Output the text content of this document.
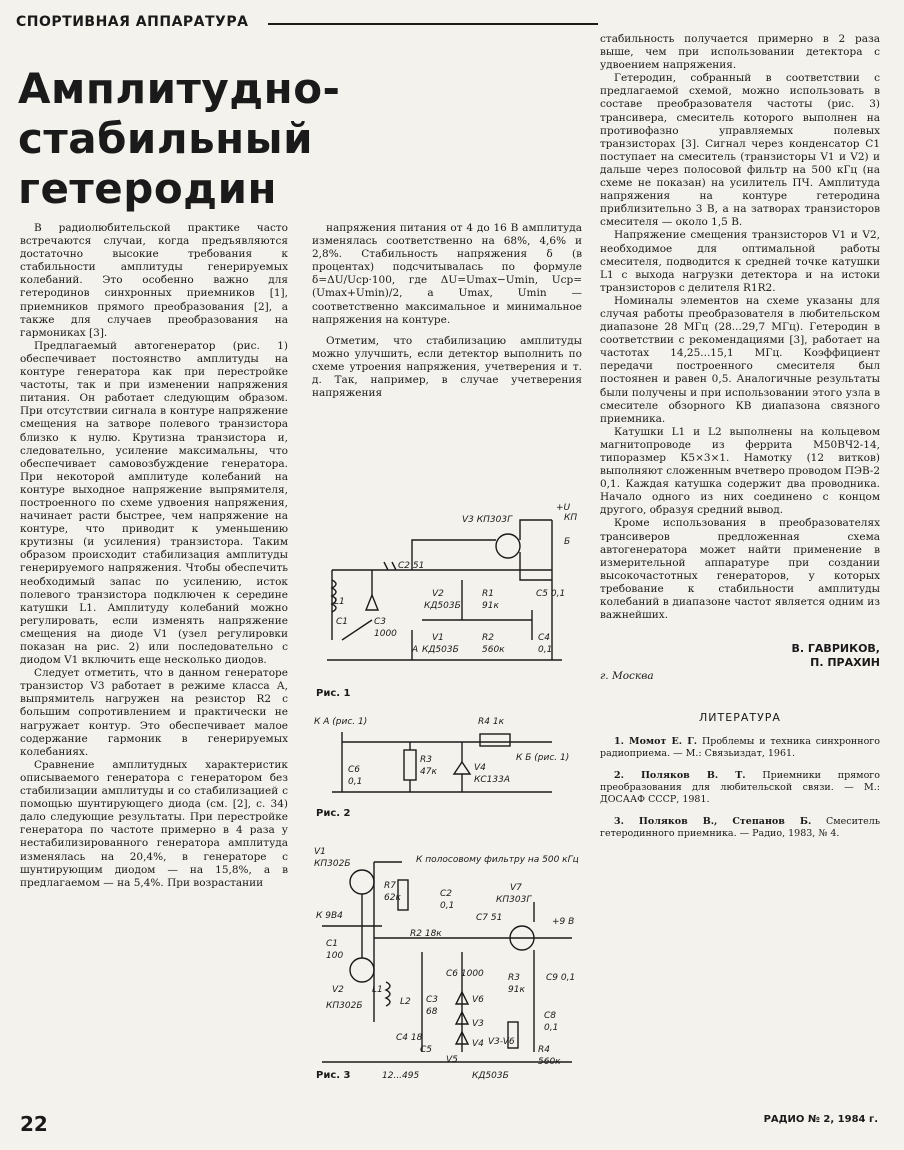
СПОРТИВНАЯ АППАРАТУРА
Амплитудно-стабильный
гетеродин

В радиолюбительской практике часто встречаются случаи, когда предъявляются достаточно высокие требования к стабильности амплитуды генерируемых колебаний. Это особенно важно для гетеродинов синхронных приемников [1], приемников прямого преобразования [2], а также для случаев преобразования на гармониках [3].

Предлагаемый автогенератор (рис. 1) обеспечивает постоянство амплитуды на контуре генератора как при перестройке частоты, так и при изменении напряжения питания. Он работает следующим образом. При отсутствии сигнала в контуре напряжение смещения на затворе полевого транзистора близко к нулю. Крутизна транзистора и, следовательно, усиление максимальны, что обеспечивает самовозбуждение генератора. При некоторой амплитуде колебаний на контуре выходное напряжение выпрямителя, построенного по схеме удвоения напряжения, начинает расти быстрее, чем напряжение на контуре, что приводит к уменьшению крутизны (и усиления) транзистора. Таким образом происходит стабилизация амплитуды генерируемого напряжения. Чтобы обеспечить необходимый запас по усилению, исток полевого транзистора подключен к середине катушки L1. Амплитуду колебаний можно регулировать, если изменять напряжение смещения на диоде V1 (узел регулировки показан на рис. 2) или последовательно с диодом V1 включить еще несколько диодов.

Следует отметить, что в данном генераторе транзистор V3 работает в режиме класса А, выпрямитель нагружен на резистор R2 с большим сопротивлением и практически не нагружает контур. Это обеспечивает малое содержание гармоник в генерируемых колебаниях.

Сравнение амплитудных характеристик описываемого генератора с генератором без стабилизации амплитуды и со стабилизацией с помощью шунтирующего диода (см. [2], с. 34) дало следующие результаты. При перестройке генератора по частоте примерно в 4 раза у нестабилизированного генератора амплитуда изменялась на 20,4%, в генераторе с шунтирующим диодом — на 15,8%, а в предлагаемом — на 5,4%. При возрастании

напряжения питания от 4 до 16 В амплитуда изменялась соответственно на 68%, 4,6% и 2,8%. Стабильность напряжения δ (в процентах) подсчитывалась по формуле δ=ΔU/Uср·100, где ΔU=Umax−Umin, Uср=(Umax+Umin)/2, а Umax, Umin — соответственно максимальное и минимальное напряжения на контуре.

Отметим, что стабилизацию амплитуды можно улучшить, если детектор выполнить по схеме утроения напряжения, учетверения и т. д. Так, например, в случае учетверения напряжения

стабильность получается примерно в 2 раза выше, чем при использовании детектора с удвоением напряжения.

Гетеродин, собранный в соответствии с предлагаемой схемой, можно использовать в составе преобразователя частоты (рис. 3) трансивера, смеситель которого выполнен на противофазно управляемых полевых транзисторах [3]. Сигнал через конденсатор C1 поступает на смеситель (транзисторы V1 и V2) и дальше через полосовой фильтр на 500 кГц (на схеме не показан) на усилитель ПЧ. Амплитуда напряжения на контуре гетеродина приблизительно 3 В, а на затворах транзисторов смесителя — около 1,5 В.

Напряжение смещения транзисторов V1 и V2, необходимое для оптимальной работы смесителя, подводится к средней точке катушки L1 с выхода нагрузки детектора и на истоки транзисторов с делителя R1R2.

Номиналы элементов на схеме указаны для случая работы преобразователя в любительском диапазоне 28 МГц (28...29,7 МГц). Гетеродин в соответствии с рекомендациями [3], работает на частотах 14,25...15,1 МГц. Коэффициент передачи построенного смесителя был постоянен и равен 0,5. Аналогичные результаты были получены и при использовании этого узла в смесителе обзорного КВ диапазона связного приемника.

Катушки L1 и L2 выполнены на кольцевом магнитопроводе из феррита М50ВЧ2-14, типоразмер К5×3×1. Намотку (12 витков) выполняют сложенным вчетверо проводом ПЭВ-2 0,1. Каждая катушка содержит два проводника. Начало одного из них соединено с концом другого, образуя средний вывод.

Кроме использования в преобразователях трансиверов предложенная схема автогенератора может найти применение в измерительной аппаратуре при создании высокочастотных генераторов, у которых требование к стабильности амплитуды колебаний в диапазоне частот является одним из важнейших.

В. ГАВРИКОВ,
П. ПРАХИН

г. Москва

ЛИТЕРАТУРА

1. Момот Е. Г. Проблемы и техника синхронного радиоприема. — М.: Связьиздат, 1961.

2. Поляков В. Т. Приемники прямого преобразования для любительской связи. — М.: ДОСААФ СССР, 1981.

3. Поляков В., Степанов Б. Смеситель гетеродинного приемника. — Радио, 1983, № 4.

V3 КП303Г
+U
КП
Б
C2 51
L1
C5 0,1
V2
КД503Б
R1
91к
C3
1000
C1
V1
А КД503Б
R2
560к
C4
0,1
Рис. 1
К А (рис. 1)	R4 1к
К Б (рис. 1)
R3
47к	V4
КС133А
C6
0,1
Рис. 2
V1
КП302Б	К полосовому фильтру на 500 кГц
К 9В4
R7
62к	C2
0,1
V7
КП303Г
C7 51
R2 18к
+9 В
C1
100
V2
КП302Б
L1
L2 C3
68
C6 1000	R3
91к
C9 0,1
V6
V5
C8
0,1
C4 18
C5
12...495
V3
V4 V3-V6
КД503Б
R4
560к
Рис. 3
22	РАДИО № 2, 1984 г.
